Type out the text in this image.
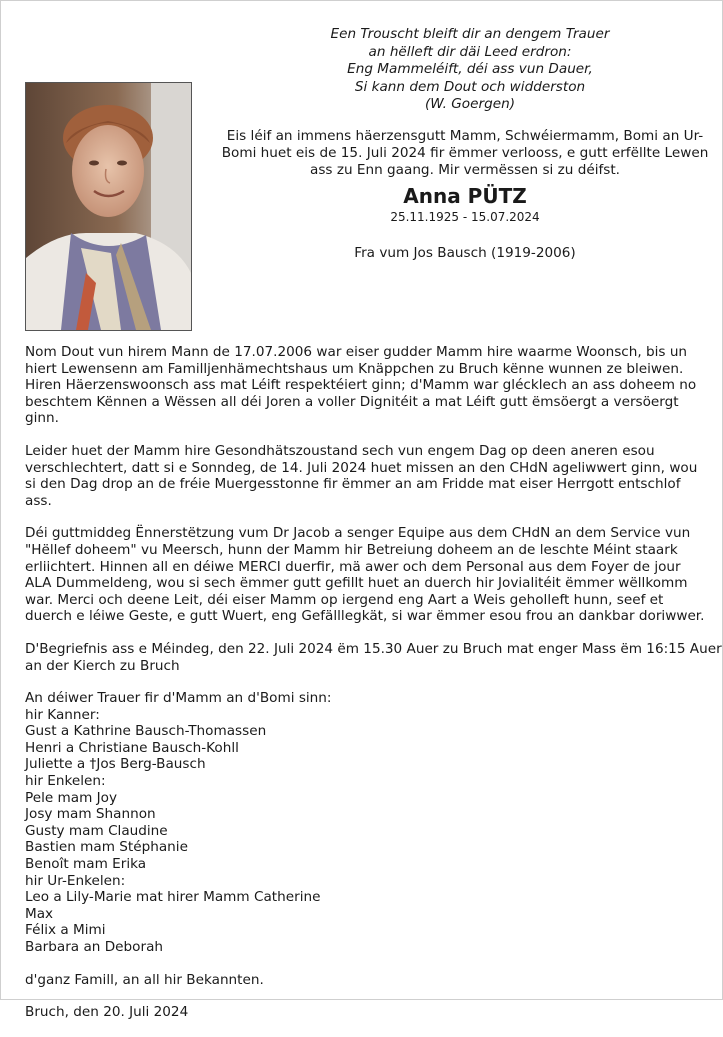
Een Trouscht bleift dir an dengem Trauer
an hëlleft dir däi Leed erdron:
Eng Mammeléift, déi ass vun Dauer,
Si kann dem Dout och widderston
(W. Goergen)
Eis léif an immens häerzensgutt Mamm, Schwéiermamm, Bomi an Ur-
Bomi huet eis de 15. Juli 2024 fir ëmmer verlooss, e gutt erfëllte Lewen
ass zu Enn gaang. Mir vermëssen si zu déifst.
Anna PÜTZ
25.11.1925 - 15.07.2024
Fra vum Jos Bausch (1919-2006)
Nom Dout vun hirem Mann de 17.07.2006 war eiser gudder Mamm hire waarme Woonsch, bis un
hiert Lewensenn am Familljenhämechtshaus um Knäppchen zu Bruch kënne wunnen ze bleiwen.
Hiren Häerzenswoonsch ass mat Léift respektéiert ginn; d'Mamm war glécklech an ass doheem no
beschtem Kënnen a Wëssen all déi Joren a voller Dignitéit a mat Léift gutt ëmsöergt a versöergt
ginn.
Leider huet der Mamm hire Gesondhätszoustand sech vun engem Dag op deen aneren esou
verschlechtert, datt si e Sonndeg, de 14. Juli 2024 huet missen an den CHdN ageliwwert ginn, wou
si den Dag drop an de fréie Muergesstonne fir ëmmer an am Fridde mat eiser Herrgott entschlof
ass.
Déi guttmiddeg Ënnerstëtzung vum Dr Jacob a senger Equipe aus dem CHdN an dem Service vun
"Hëllef doheem" vu Meersch, hunn der Mamm hir Betreiung doheem an de leschte Méint staark
erliichtert. Hinnen all en déiwe MERCI duerfir, mä awer och dem Personal aus dem Foyer de jour
ALA Dummeldeng, wou si sech ëmmer gutt gefillt huet an duerch hir Jovialitéit ëmmer wëllkomm
war. Merci och deene Leit, déi eiser Mamm op iergend eng Aart a Weis geholleft hunn, seef et
duerch e léiwe Geste, e gutt Wuert, eng Gefälllegkät, si war ëmmer esou frou an dankbar doriwwer.
D'Begriefnis ass e Méindeg, den 22. Juli 2024 ëm 15.30 Auer zu Bruch mat enger Mass ëm 16:15 Auer
an der Kierch zu Bruch
An déiwer Trauer fir d'Mamm an d'Bomi sinn:
hir Kanner:
Gust a Kathrine Bausch-Thomassen
Henri a Christiane Bausch-Kohll
Juliette a †Jos Berg-Bausch
hir Enkelen:
Pele mam Joy
Josy mam Shannon
Gusty mam Claudine
Bastien mam Stéphanie
Benoît mam Erika
hir Ur-Enkelen:
Leo a Lily-Marie mat hirer Mamm Catherine
Max
Félix a Mimi
Barbara an Deborah
d'ganz Famill, an all hir Bekannten.
Bruch, den 20. Juli 2024
